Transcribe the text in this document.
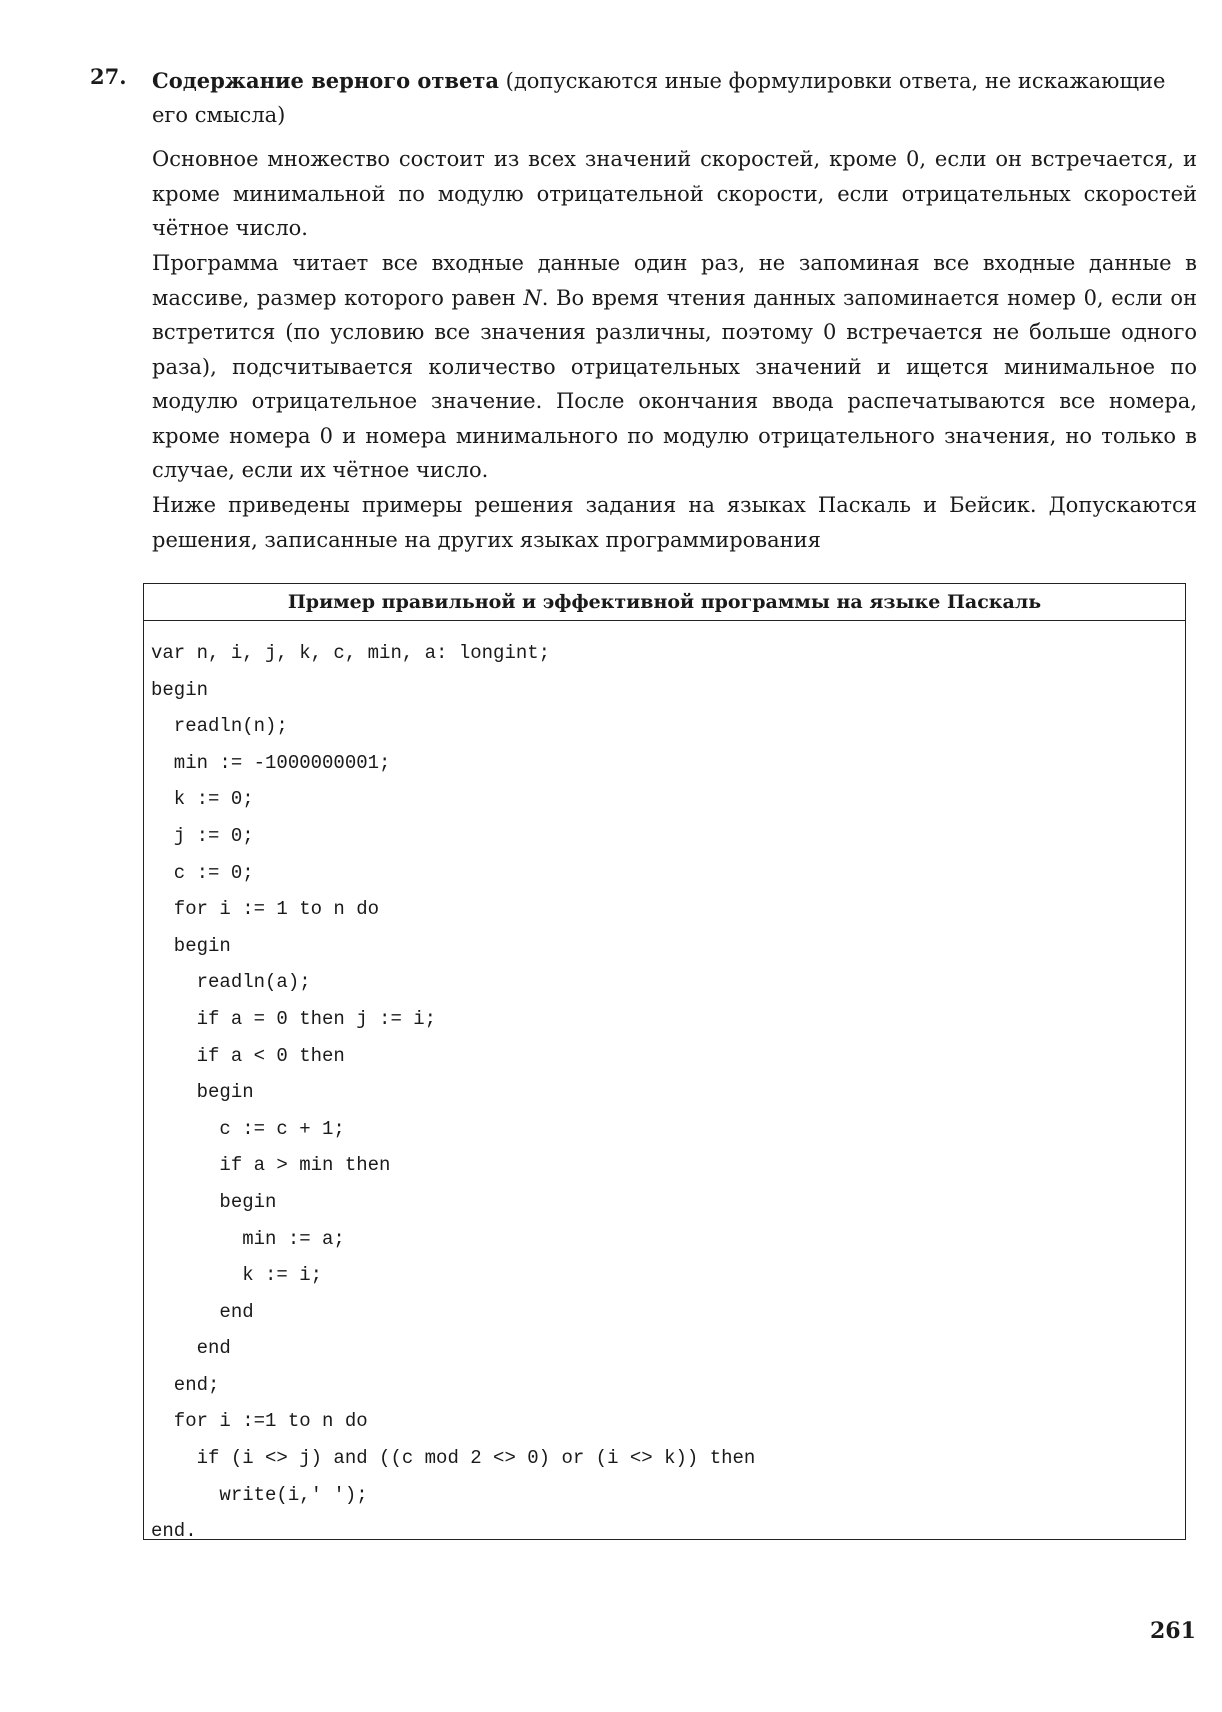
27. Содержание верного ответа (допускаются иные формулировки ответа, не искажающие его смысла)
Основное множество состоит из всех значений скоростей, кроме 0, если он встречается, и кроме минимальной по модулю отрицательной скорости, если отрицательных скоростей чётное число.
Программа читает все входные данные один раз, не запоминая все входные данные в массиве, размер которого равен N. Во время чтения данных запоминается номер 0, если он встретится (по условию все значения различны, поэтому 0 встречается не больше одного раза), подсчитывается количество отрицательных значений и ищется минимальное по модулю отрицательное значение. После окончания ввода распечатываются все номера, кроме номера 0 и номера минимального по модулю отрицательного значения, но только в случае, если их чётное число.
Ниже приведены примеры решения задания на языках Паскаль и Бейсик. Допускаются решения, записанные на других языках программирования
Пример правильной и эффективной программы на языке Паскаль
var n, i, j, k, c, min, a: longint;
begin
readln(n);
min := -1000000001;
k := 0;
j := 0;
c := 0;
for i := 1 to n do
begin
readln(a);
if a = 0 then j := i;
if a < 0 then
begin
c := c + 1;
if a > min then
begin
min := a;
k := i;
end
end
end;
for i :=1 to n do
if (i <> j) and ((c mod 2 <> 0) or (i <> k)) then
write(i,' ');
end.
261
